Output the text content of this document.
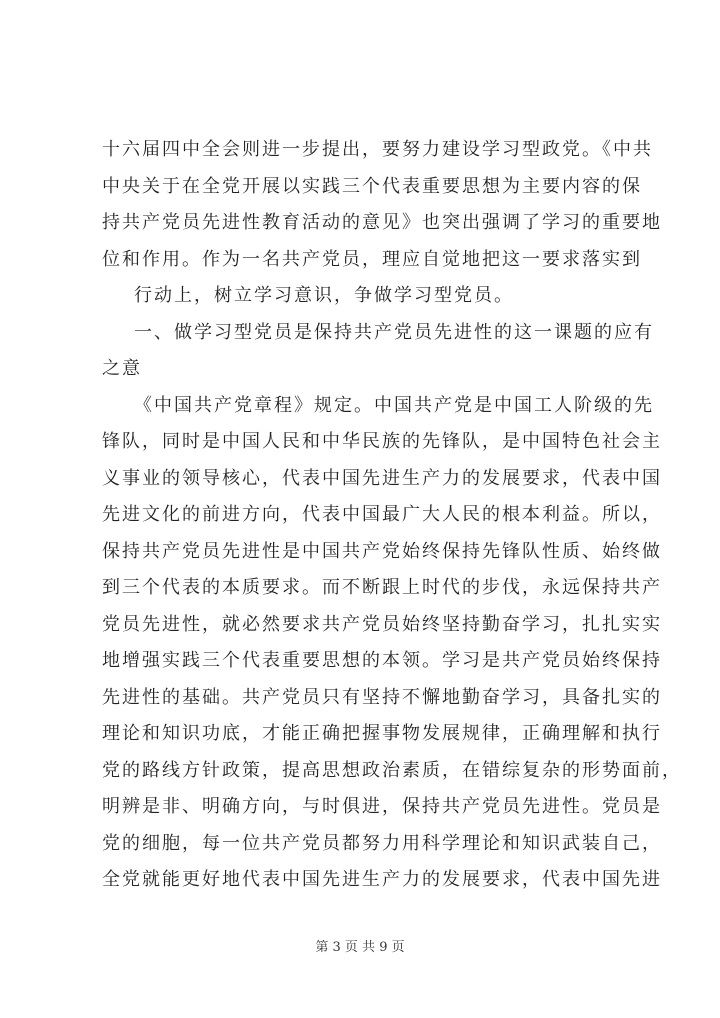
十六届四中全会则进一步提出，要努力建设学习型政党。《中共
中央关于在全党开展以实践三个代表重要思想为主要内容的保
持共产党员先进性教育活动的意见》也突出强调了学习的重要地
位和作用。作为一名共产党员，理应自觉地把这一要求落实到
行动上，树立学习意识，争做学习型党员。
一、做学习型党员是保持共产党员先进性的这一课题的应有
之意
《中国共产党章程》规定。中国共产党是中国工人阶级的先
锋队，同时是中国人民和中华民族的先锋队，是中国特色社会主
义事业的领导核心，代表中国先进生产力的发展要求，代表中国
先进文化的前进方向，代表中国最广大人民的根本利益。所以，
保持共产党员先进性是中国共产党始终保持先锋队性质、始终做
到三个代表的本质要求。而不断跟上时代的步伐，永远保持共产
党员先进性，就必然要求共产党员始终坚持勤奋学习，扎扎实实
地增强实践三个代表重要思想的本领。学习是共产党员始终保持
先进性的基础。共产党员只有坚持不懈地勤奋学习，具备扎实的
理论和知识功底，才能正确把握事物发展规律，正确理解和执行
党的路线方针政策，提高思想政治素质，在错综复杂的形势面前，
明辨是非、明确方向，与时俱进，保持共产党员先进性。党员是
党的细胞，每一位共产党员都努力用科学理论和知识武装自己，
全党就能更好地代表中国先进生产力的发展要求，代表中国先进
第 3 页 共 9 页
